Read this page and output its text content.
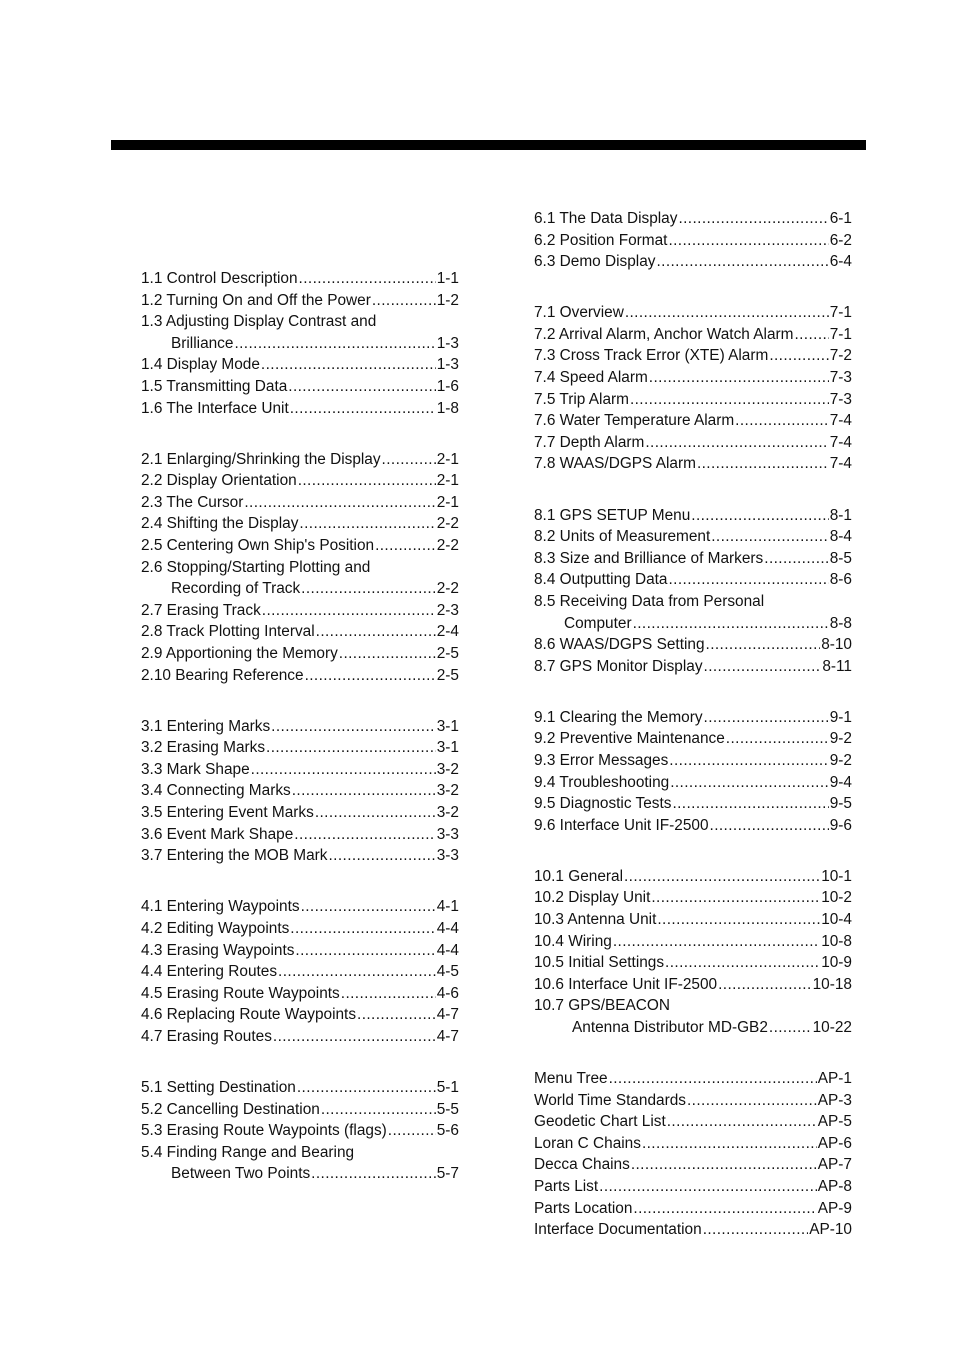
1.1 Control Description .....	1-1
1.2 Turning On and Off the Power .....	1-2
1.3 Adjusting Display Contrast and
Brilliance .....	1-3
1.4 Display Mode .....	1-3
1.5 Transmitting Data .....	1-6
1.6 The Interface Unit .....	1-8
2.1 Enlarging/Shrinking the Display .....	2-1
2.2 Display Orientation .....	2-1
2.3 The Cursor .....	2-1
2.4 Shifting the Display .....	2-2
2.5 Centering Own Ship's Position .....	2-2
2.6 Stopping/Starting Plotting and
Recording of Track .....	2-2
2.7 Erasing Track .....	2-3
2.8 Track Plotting Interval .....	2-4
2.9 Apportioning the Memory .....	2-5
2.10 Bearing Reference .....	2-5
3.1 Entering Marks .....	3-1
3.2 Erasing Marks .....	3-1
3.3 Mark Shape .....	3-2
3.4 Connecting Marks .....	3-2
3.5 Entering Event Marks .....	3-2
3.6 Event Mark Shape .....	3-3
3.7 Entering the MOB Mark .....	3-3
4.1 Entering Waypoints .....	4-1
4.2 Editing Waypoints .....	4-4
4.3 Erasing Waypoints .....	4-4
4.4 Entering Routes .....	4-5
4.5 Erasing Route Waypoints .....	4-6
4.6 Replacing Route Waypoints .....	4-7
4.7 Erasing Routes .....	4-7
5.1 Setting Destination .....	5-1
5.2 Cancelling Destination .....	5-5
5.3 Erasing Route Waypoints (flags) .....	5-6
5.4 Finding Range and Bearing
Between Two Points .....	5-7
6.1 The Data Display .....	6-1
6.2 Position Format .....	6-2
6.3 Demo Display .....	6-4
7.1 Overview .....	7-1
7.2 Arrival Alarm, Anchor Watch Alarm ..... 7-1
7.3 Cross Track Error (XTE) Alarm .....	7-2
7.4 Speed Alarm .....	7-3
7.5 Trip Alarm .....	7-3
7.6 Water Temperature Alarm .....	7-4
7.7 Depth Alarm .....	7-4
7.8 WAAS/DGPS Alarm .....	7-4
8.1 GPS SETUP Menu .....	8-1
8.2 Units of Measurement .....	8-4
8.3 Size and Brilliance of Markers .....	8-5
8.4 Outputting Data .....	8-6
8.5 Receiving Data from Personal
Computer .....	8-8
8.6 WAAS/DGPS Setting .....	8-10
8.7 GPS Monitor Display .....	8-11
9.1 Clearing the Memory .....	9-1
9.2 Preventive Maintenance .....	9-2
9.3 Error Messages .....	9-2
9.4 Troubleshooting .....	9-4
9.5 Diagnostic Tests .....	9-5
9.6 Interface Unit IF-2500 .....	9-6
10.1 General .....	10-1
10.2 Display Unit .....	10-2
10.3 Antenna Unit .....	10-4
10.4 Wiring .....	10-8
10.5 Initial Settings .....	10-9
10.6 Interface Unit IF-2500 .....	10-18
10.7 GPS/BEACON
Antenna Distributor MD-GB2 .....	10-22
Menu Tree .....	AP-1
World Time Standards .....	AP-3
Geodetic Chart List .....	AP-5
Loran C Chains .....	AP-6
Decca Chains .....	AP-7
Parts List .....	AP-8
Parts Location .....	AP-9
Interface Documentation .....	AP-10
